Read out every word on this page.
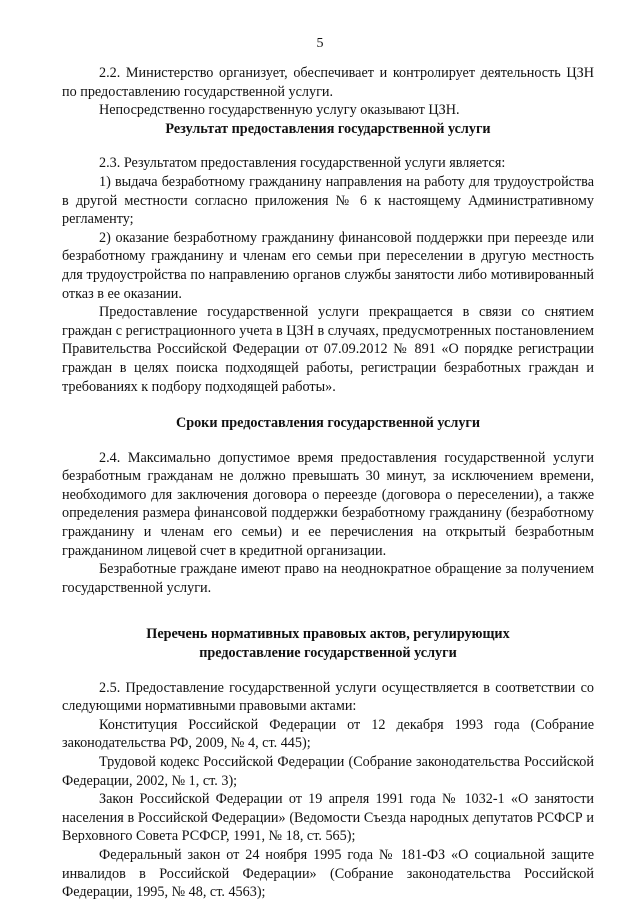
5

2.2. Министерство организует, обеспечивает и контролирует деятельность ЦЗН по предоставлению государственной услуги.

Непосредственно государственную услугу оказывают ЦЗН.

Результат предоставления государственной услуги

2.3. Результатом предоставления государственной услуги является:

1) выдача безработному гражданину направления на работу для трудоустройства в другой местности согласно приложения № 6 к настоящему Административному регламенту;

2) оказание безработному гражданину финансовой поддержки при переезде или безработному гражданину и членам его семьи при переселении в другую местность для трудоустройства по направлению органов службы занятости либо мотивированный отказ в ее оказании.

Предоставление государственной услуги прекращается в связи со снятием граждан с регистрационного учета в ЦЗН в случаях, предусмотренных постановлением Правительства Российской Федерации от 07.09.2012 № 891 «О порядке регистрации граждан в целях поиска подходящей работы, регистрации безработных граждан и требованиях к подбору подходящей работы».

Сроки предоставления государственной услуги

2.4. Максимально допустимое время предоставления государственной услуги безработным гражданам не должно превышать 30 минут, за исключением времени, необходимого для заключения договора о переезде (договора о переселении), а также определения размера финансовой поддержки безработному гражданину (безработному гражданину и членам его семьи) и ее перечисления на открытый безработным гражданином лицевой счет в кредитной организации.

Безработные граждане имеют право на неоднократное обращение за получением государственной услуги.

Перечень нормативных правовых актов, регулирующих

предоставление государственной услуги

2.5. Предоставление государственной услуги осуществляется в соответствии со следующими нормативными правовыми актами:

Конституция Российской Федерации от 12 декабря 1993 года (Собрание законодательства РФ, 2009, № 4, ст. 445);

Трудовой кодекс Российской Федерации (Собрание законодательства Российской Федерации, 2002, № 1, ст. 3);

Закон Российской Федерации от 19 апреля 1991 года № 1032-1 «О занятости населения в Российской Федерации» (Ведомости Съезда народных депутатов РСФСР и Верховного Совета РСФСР, 1991, № 18, ст. 565);

Федеральный закон от 24 ноября 1995 года № 181-ФЗ «О социальной защите инвалидов в Российской Федерации» (Собрание законодательства Российской Федерации, 1995, № 48, ст. 4563);
